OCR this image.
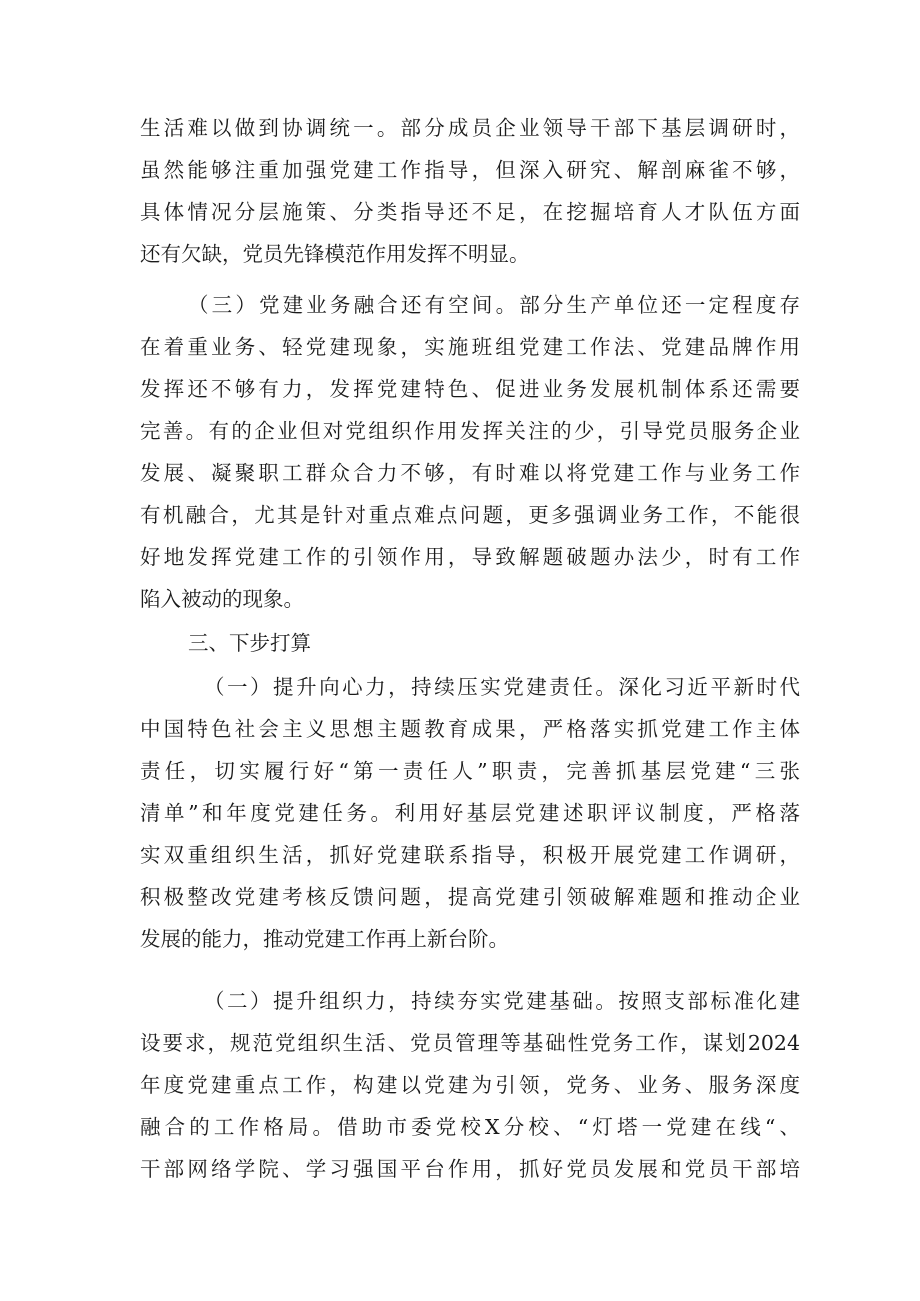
生活难以做到协调统一。部分成员企业领导干部下基层调研时，
虽然能够注重加强党建工作指导，但深入研究、解剖麻雀不够，
具体情况分层施策、分类指导还不足，在挖掘培育人才队伍方面
还有欠缺，党员先锋模范作用发挥不明显。
（三）党建业务融合还有空间。部分生产单位还一定程度存
在着重业务、轻党建现象，实施班组党建工作法、党建品牌作用
发挥还不够有力，发挥党建特色、促进业务发展机制体系还需要
完善。有的企业但对党组织作用发挥关注的少，引导党员服务企业
发展、凝聚职工群众合力不够，有时难以将党建工作与业务工作
有机融合，尤其是针对重点难点问题，更多强调业务工作，不能很
好地发挥党建工作的引领作用，导致解题破题办法少，时有工作
陷入被动的现象。
三、下步打算
（一）提升向心力，持续压实党建责任。深化习近平新时代
中国特色社会主义思想主题教育成果，严格落实抓党建工作主体
责任，切实履行好“第一责任人”职责，完善抓基层党建“三张
清单”和年度党建任务。利用好基层党建述职评议制度，严格落
实双重组织生活，抓好党建联系指导，积极开展党建工作调研，
积极整改党建考核反馈问题，提高党建引领破解难题和推动企业
发展的能力，推动党建工作再上新台阶。
（二）提升组织力，持续夯实党建基础。按照支部标准化建
设要求，规范党组织生活、党员管理等基础性党务工作，谋划2024
年度党建重点工作，构建以党建为引领，党务、业务、服务深度
融合的工作格局。借助市委党校X分校、“灯塔一党建在线“、
干部网络学院、学习强国平台作用，抓好党员发展和党员干部培
